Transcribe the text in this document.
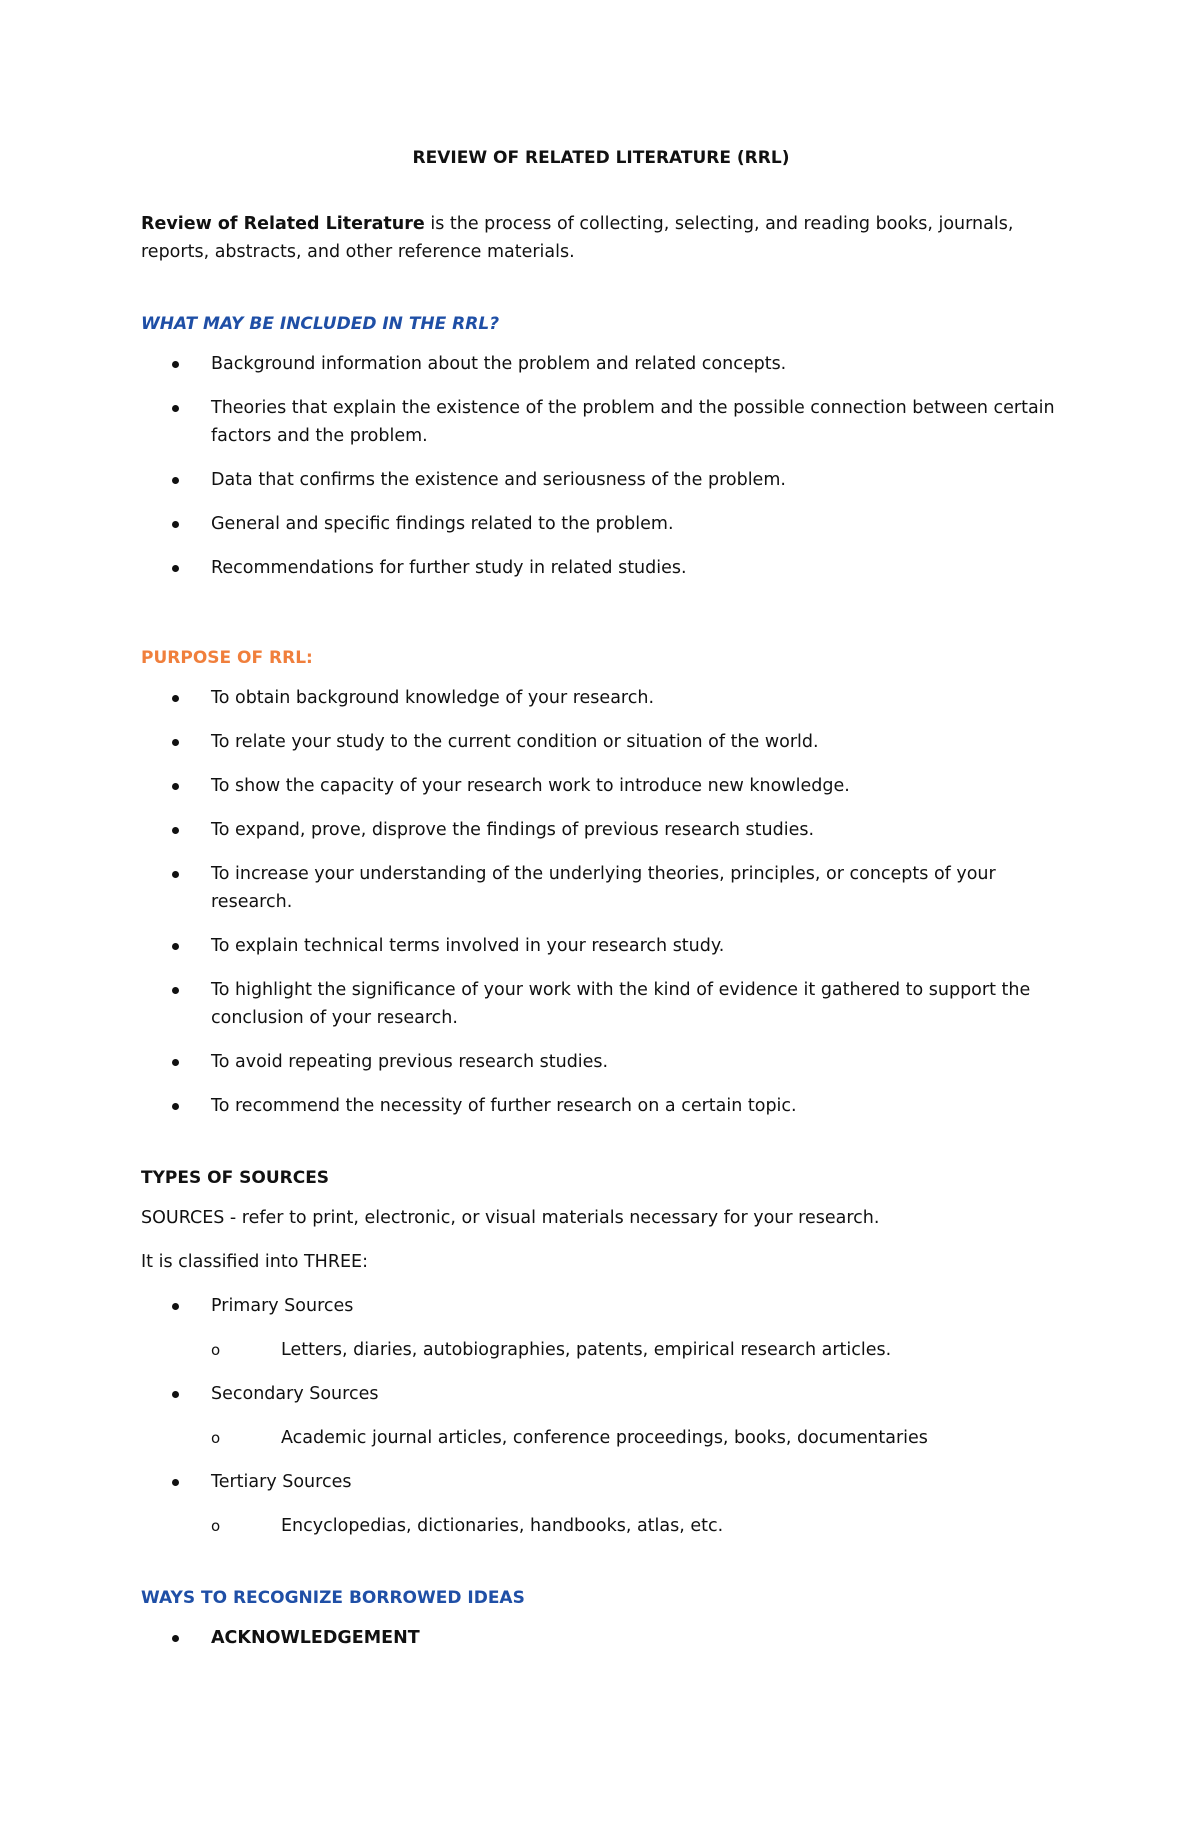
REVIEW OF RELATED LITERATURE (RRL)

Review of Related Literature is the process of collecting, selecting, and reading books, journals, reports, abstracts, and other reference materials.

WHAT MAY BE INCLUDED IN THE RRL?
Background information about the problem and related concepts.
Theories that explain the existence of the problem and the possible connection between certain factors and the problem.
Data that confirms the existence and seriousness of the problem.
General and specific findings related to the problem.
Recommendations for further study in related studies.
PURPOSE OF RRL:
To obtain background knowledge of your research.
To relate your study to the current condition or situation of the world.
To show the capacity of your research work to introduce new knowledge.
To expand, prove, disprove the findings of previous research studies.
To increase your understanding of the underlying theories, principles, or concepts of your research.
To explain technical terms involved in your research study.
To highlight the significance of your work with the kind of evidence it gathered to support the conclusion of your research.
To avoid repeating previous research studies.
To recommend the necessity of further research on a certain topic.
TYPES OF SOURCES

SOURCES - refer to print, electronic, or visual materials necessary for your research.

It is classified into THREE:

Primary Sources
o	Letters, diaries, autobiographies, patents, empirical research articles.
Secondary Sources
o	Academic journal articles, conference proceedings, books, documentaries
Tertiary Sources
o	Encyclopedias, dictionaries, handbooks, atlas, etc.
WAYS TO RECOGNIZE BORROWED IDEAS
ACKNOWLEDGEMENT
